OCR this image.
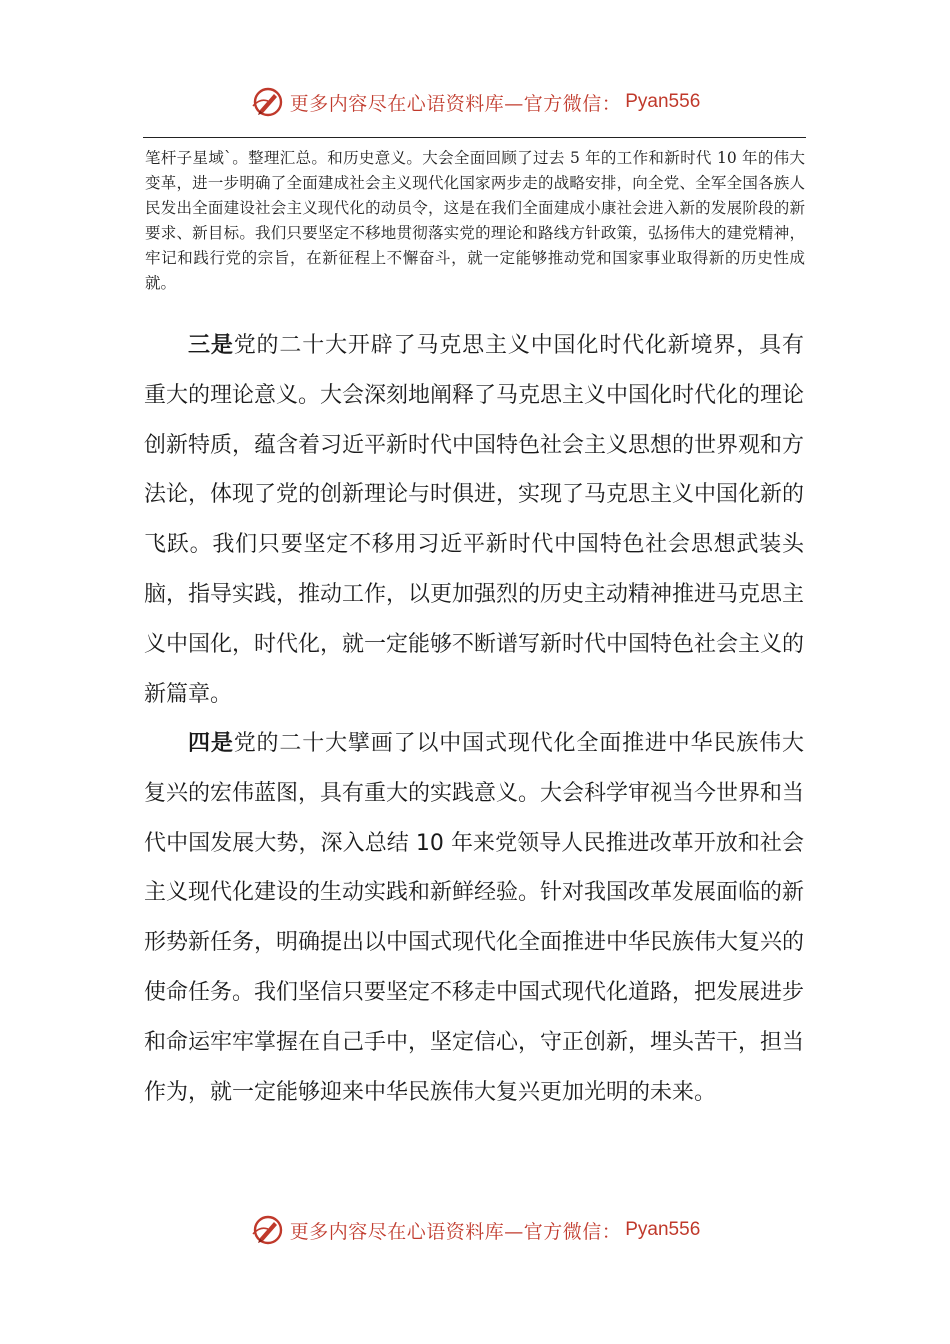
更多内容尽在心语资料库—官方微信： Pyan556

笔杆子星域`。整理汇总。和历史意义。大会全面回顾了过去 5 年的工作和新时代 10 年的伟大变革，进一步明确了全面建成社会主义现代化国家两步走的战略安排，向全党、全军全国各族人民发出全面建设社会主义现代化的动员令，这是在我们全面建成小康社会进入新的发展阶段的新要求、新目标。我们只要坚定不移地贯彻落实党的理论和路线方针政策，弘扬伟大的建党精神，牢记和践行党的宗旨，在新征程上不懈奋斗，就一定能够推动党和国家事业取得新的历史性成就。

三是党的二十大开辟了马克思主义中国化时代化新境界，具有重大的理论意义。大会深刻地阐释了马克思主义中国化时代化的理论创新特质，蕴含着习近平新时代中国特色社会主义思想的世界观和方法论，体现了党的创新理论与时俱进，实现了马克思主义中国化新的飞跃。我们只要坚定不移用习近平新时代中国特色社会思想武装头脑，指导实践，推动工作，以更加强烈的历史主动精神推进马克思主义中国化，时代化，就一定能够不断谱写新时代中国特色社会主义的新篇章。

四是党的二十大擘画了以中国式现代化全面推进中华民族伟大复兴的宏伟蓝图，具有重大的实践意义。大会科学审视当今世界和当代中国发展大势，深入总结 10 年来党领导人民推进改革开放和社会主义现代化建设的生动实践和新鲜经验。针对我国改革发展面临的新形势新任务，明确提出以中国式现代化全面推进中华民族伟大复兴的使命任务。我们坚信只要坚定不移走中国式现代化道路，把发展进步和命运牢牢掌握在自己手中，坚定信心，守正创新，埋头苦干，担当作为，就一定能够迎来中华民族伟大复兴更加光明的未来。

更多内容尽在心语资料库—官方微信： Pyan556
